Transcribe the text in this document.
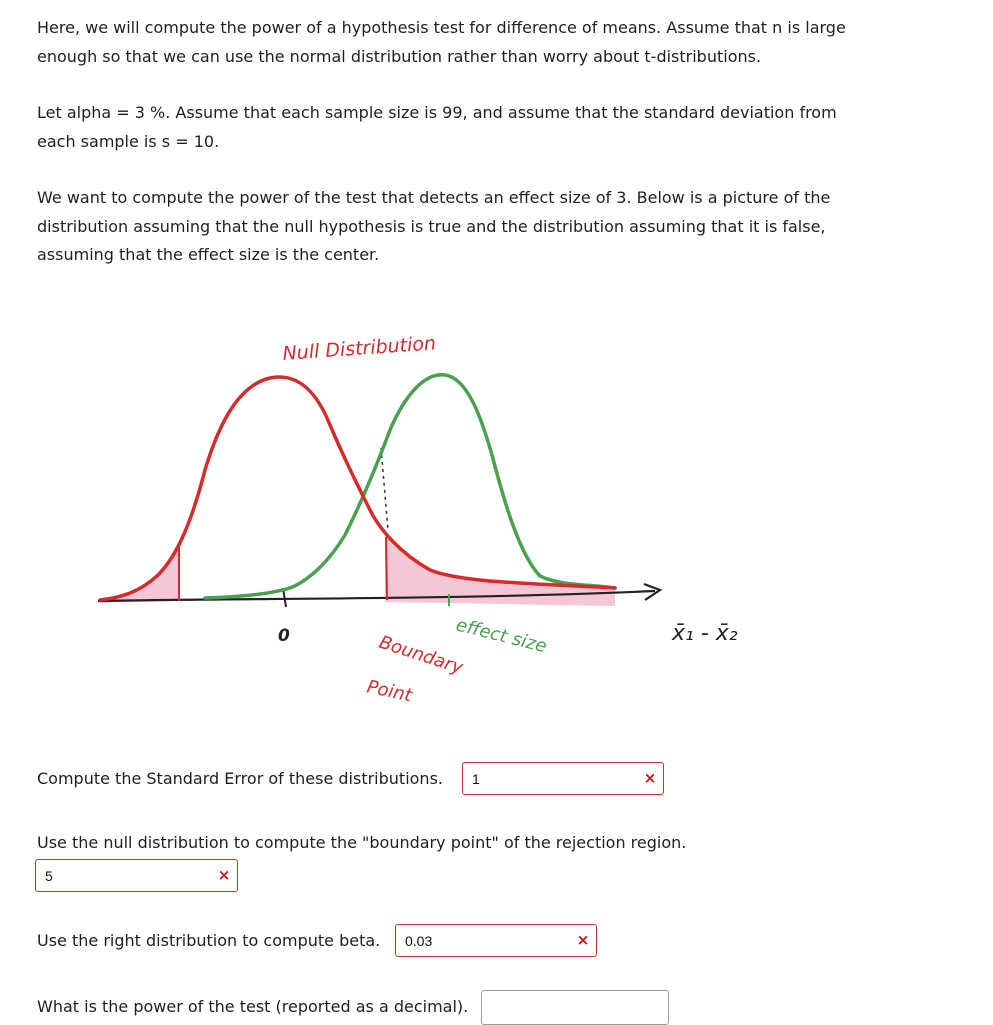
Here, we will compute the power of a hypothesis test for difference of means. Assume that n is large enough so that we can use the normal distribution rather than worry about t-distributions.

Let alpha = 3 %. Assume that each sample size is 99, and assume that the standard deviation from each sample is s = 10.

We want to compute the power of the test that detects an effect size of 3. Below is a picture of the distribution assuming that the null hypothesis is true and the distribution assuming that it is false, assuming that the effect size is the center.

Null Distribution
0	Boundary
Point
effect size	x̄₁ - x̄₂
Compute the Standard Error of these distributions. 1	×
Use the null distribution to compute the "boundary point" of the rejection region.
5	×
Use the right distribution to compute beta. 0.03	×
What is the power of the test (reported as a decimal).
